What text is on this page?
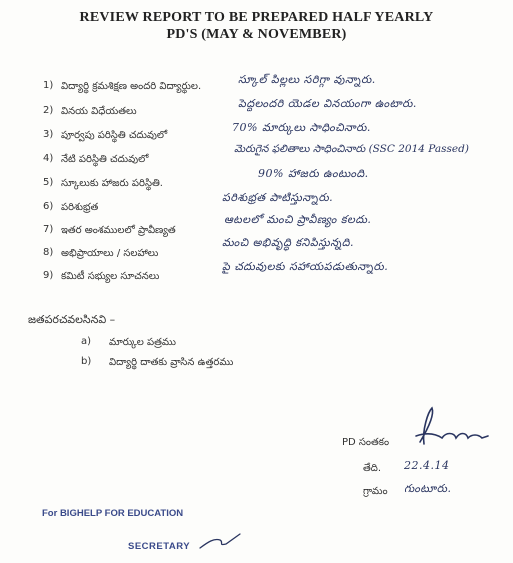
REVIEW REPORT TO BE PREPARED HALF YEARLY
PD'S (MAY & NOVEMBER)
1) విద్యార్థి క్రమశిక్షణ అందరి విద్యార్థుల.
స్కూల్ పిల్లలు సరిగ్గా వున్నారు.
2) వినయ విధేయతలు
పెద్దలందరి యెడల వినయంగా ఉంటారు.
3) పూర్వపు పరిస్థితి చదువులో
70% మార్కులు సాధించినారు.
4) నేటి పరిస్థితి చదువులో
మెరుగైన ఫలితాలు సాధించినారు (SSC 2014 Passed)
5) స్కూలుకు హాజరు పరిస్థితి.
90% హాజరు ఉంటుంది.
6) పరిశుభ్రత
పరిశుభ్రత పాటిస్తున్నారు.
7) ఇతర అంశములలో ప్రావీణ్యత
ఆటలలో మంచి ప్రావీణ్యం కలదు.
8) అభిప్రాయాలు / సలహాలు
మంచి అభివృద్ధి కనిపిస్తున్నది.
9) కమిటీ సభ్యుల సూచనలు
పై చదువులకు సహాయపడుతున్నారు.
జతపరచవలసినవి –
a) మార్కుల పత్రము
b) విద్యార్థి దాతకు వ్రాసిన ఉత్తరము
PD సంతకం
తేది. 22.4.14
గ్రామం గుంటూరు.
For BIGHELP FOR EDUCATION
SECRETARY
